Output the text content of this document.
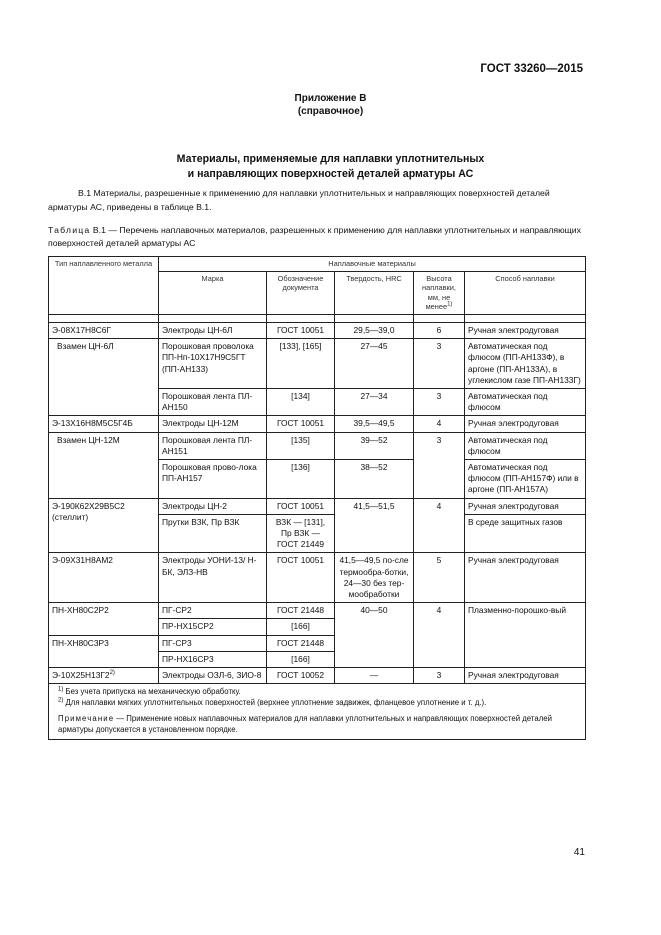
ГОСТ 33260—2015
Приложение В
(справочное)
Материалы, применяемые для наплавки уплотнительных
и направляющих поверхностей деталей арматуры АС
В.1 Материалы, разрешенные к применению для наплавки уплотнительных и направляющих поверхностей деталей арматуры АС, приведены в таблице В.1.
Таблица В.1 — Перечень наплавочных материалов, разрешенных к применению для наплавки уплотнительных и направляющих поверхностей деталей арматуры АС
Тип наплавленного металла	Наплавочные материалы				
	Марка	Обозначение документа	Твердость, HRC	Высота наплавки, мм, не менее$^{1)}$	Способ наплавки

Э-08Х17Н8С6Г	Электроды ЦН-6Л	ГОСТ 10051	29,5—39,0	6	Ручная электродуговая
Взамен ЦН-6Л	Порошковая проволока ПП-Нп-10Х17Н9С5ГТ (ПП-АН133)	[133], [165]	27—45	3	Автоматическая под флюсом (ПП-АН133Ф), в аргоне (ПП-АН133А), в углекислом газе ПП-АН133Г)
	Порошковая лента ПЛ-АН150	[134]	27—34	3	Автоматическая под флюсом
Э-13Х16Н8М5С5Г4Б	Электроды ЦН-12М	ГОСТ 10051	39,5—49,5	4	Ручная электродуговая
Взамен ЦН-12М	Порошковая лента ПЛ-АН151	[135]	39—52	3	Автоматическая под флюсом
	Порошковая прово-лока ПП-АН157	[136]	38—52		Автоматическая под флюсом (ПП-АН157Ф) или в аргоне (ПП-АН157А)
Э-190К62Х29В5С2 (стеллит)	Электроды ЦН-2	ГОСТ 10051	41,5—51,5	4	Ручная электродуговая
	Прутки ВЗК, Пр ВЗК	ВЗК — [131], Пр ВЗК — ГОСТ 21449			В среде защитных газов
Э-09Х31Н8АМ2	Электроды УОНИ-13/ Н-БК, ЭЛЗ-НВ	ГОСТ 10051	41,5—49,5 по-сле термообра-ботки, 24—30 без тер-мообработки	5	Ручная электродуговая
ПН-ХН80С2Р2	ПГ-СР2	ГОСТ 21448	40—50	4	Плазменно-порошко-вый
	ПР-НХ15СР2	[166]			
ПН-ХН80С3Р3	ПГ-СР3	ГОСТ 21448			
	ПР-НХ16СР3	[166]			
Э-10Х25Н13Г2$^{2)}$	Электроды ОЗЛ-6, ЗИО-8	ГОСТ 10052	—	3	Ручная электродуговая

$^{1)}$ Без учета припуска на механическую обработку.
$^{2)}$ Для наплавки мягких уплотнительных поверхностей (верхнее уплотнение задвижек, фланцевое уплотнение и т. д.).
Примечание — Применение новых наплавочных материалов для наплавки уплотнительных и направляющих поверхностей деталей арматуры допускается в установленном порядке.					
41
